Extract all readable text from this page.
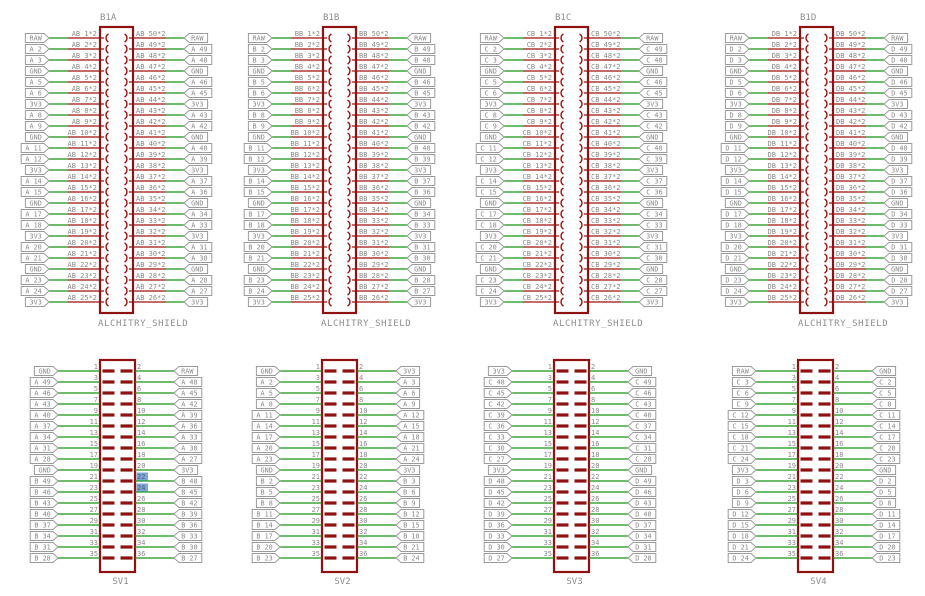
B1A
ALCHITRY_SHIELD
AB 1*2
RAW
AB 2*2
A 2
AB 3*2
A 3
AB 4*2
GND
AB 5*2
A 5
AB 6*2
A 6
AB 7*2
3V3
AB 8*2
A 8
AB 9*2
A 9
AB 10*2
GND
AB 11*2
A 11
AB 12*2
A 12
AB 13*2
3V3
AB 14*2
A 14
AB 15*2
A 15
AB 16*2
GND
AB 17*2
A 17
AB 18*2
A 18
AB 19*2
3V3
AB 20*2
A 20
AB 21*2
A 21
AB 22*2
GND
AB 23*2
A 23
AB 24*2
A 24
AB 25*2
3V3
AB 50*2
RAW
AB 49*2
A 49
AB 48*2
A 48
AB 47*2
GND
AB 46*2
A 46
AB 45*2
A 45
AB 44*2
3V3
AB 43*2
A 43
AB 42*2
A 42
AB 41*2
GND
AB 40*2
A 40
AB 39*2
A 39
AB 38*2
3V3
AB 37*2
A 37
AB 36*2
A 36
AB 35*2
GND
AB 34*2
A 34
AB 33*2
A 33
AB 32*2
3V3
AB 31*2
A 31
AB 30*2
A 30
AB 29*2
GND
AB 28*2
A 28
AB 27*2
A 27
AB 26*2
3V3
B1B
ALCHITRY_SHIELD
BB 1*2
RAW
BB 2*2
B 2
BB 3*2
B 3
BB 4*2
GND
BB 5*2
B 5
BB 6*2
B 6
BB 7*2
3V3
BB 8*2
B 8
BB 9*2
B 9
BB 10*2
GND
BB 11*2
B 11
BB 12*2
B 12
BB 13*2
3V3
BB 14*2
B 14
BB 15*2
B 15
BB 16*2
GND
BB 17*2
B 17
BB 18*2
B 18
BB 19*2
3V3
BB 20*2
B 20
BB 21*2
B 21
BB 22*2
GND
BB 23*2
B 23
BB 24*2
B 24
BB 25*2
3V3
BB 50*2
RAW
BB 49*2
B 49
BB 48*2
B 48
BB 47*2
GND
BB 46*2
B 46
BB 45*2
B 45
BB 44*2
3V3
BB 43*2
B 43
BB 42*2
B 42
BB 41*2
GND
BB 40*2
B 40
BB 39*2
B 39
BB 38*2
3V3
BB 37*2
B 37
BB 36*2
B 36
BB 35*2
GND
BB 34*2
B 34
BB 33*2
B 33
BB 32*2
3V3
BB 31*2
B 31
BB 30*2
B 30
BB 29*2
GND
BB 28*2
B 28
BB 27*2
B 27
BB 26*2
3V3
B1C
ALCHITRY_SHIELD
CB 1*2
RAW
CB 2*2
C 2
CB 3*2
C 3
CB 4*2
GND
CB 5*2
C 5
CB 6*2
C 6
CB 7*2
3V3
CB 8*2
C 8
CB 9*2
C 9
CB 10*2
GND
CB 11*2
C 11
CB 12*2
C 12
CB 13*2
3V3
CB 14*2
C 14
CB 15*2
C 15
CB 16*2
GND
CB 17*2
C 17
CB 18*2
C 18
CB 19*2
3V3
CB 20*2
C 20
CB 21*2
C 21
CB 22*2
GND
CB 23*2
C 23
CB 24*2
C 24
CB 25*2
3V3
CB 50*2
RAW
CB 49*2
C 49
CB 48*2
C 48
CB 47*2
GND
CB 46*2
C 46
CB 45*2
C 45
CB 44*2
3V3
CB 43*2
C 43
CB 42*2
C 42
CB 41*2
GND
CB 40*2
C 40
CB 39*2
C 39
CB 38*2
3V3
CB 37*2
C 37
CB 36*2
C 36
CB 35*2
GND
CB 34*2
C 34
CB 33*2
C 33
CB 32*2
3V3
CB 31*2
C 31
CB 30*2
C 30
CB 29*2
GND
CB 28*2
C 28
CB 27*2
C 27
CB 26*2
3V3
B1D
ALCHITRY_SHIELD
DB 1*2
RAW
DB 2*2
D 2
DB 3*2
D 3
DB 4*2
GND
DB 5*2
D 5
DB 6*2
D 6
DB 7*2
3V3
DB 8*2
D 8
DB 9*2
D 9
DB 10*2
GND
DB 11*2
D 11
DB 12*2
D 12
DB 13*2
3V3
DB 14*2
D 14
DB 15*2
D 15
DB 16*2
GND
DB 17*2
D 17
DB 18*2
D 18
DB 19*2
3V3
DB 20*2
D 20
DB 21*2
D 21
DB 22*2
GND
DB 23*2
D 23
DB 24*2
D 24
DB 25*2
3V3
DB 50*2
RAW
DB 49*2
D 49
DB 48*2
D 48
DB 47*2
GND
DB 46*2
D 46
DB 45*2
D 45
DB 44*2
3V3
DB 43*2
D 43
DB 42*2
D 42
DB 41*2
GND
DB 40*2
D 40
DB 39*2
D 39
DB 38*2
3V3
DB 37*2
D 37
DB 36*2
D 36
DB 35*2
GND
DB 34*2
D 34
DB 33*2
D 33
DB 32*2
3V3
DB 31*2
D 31
DB 30*2
D 30
DB 29*2
GND
DB 28*2
D 28
DB 27*2
D 27
DB 26*2
3V3
1
GND
3
A 49
5
A 46
7
A 43
9
A 40
11
A 37
13
A 34
15
A 31
17
A 28
19
GND
21
B 49
23
B 46
25
B 43
27
B 40
29
B 37
31
B 34
33
B 31
35
B 28
2
RAW
4
A 48
6
A 45
8
A 42
10
A 39
12
A 36
14
A 33
16
A 30
18
A 27
20
3V3
22
B 48
24
B 45
26
B 42
28
B 39
30
B 36
32
B 33
34
B 30
36
B 27
SV1
1
GND
3
A 2
5
A 5
7
A 8
9
A 11
11
A 14
13
A 17
15
A 20
17
A 23
19
GND
21
B 2
23
B 5
25
B 8
27
B 11
29
B 14
31
B 17
33
B 20
35
B 23
2
3V3
4
A 3
6
A 6
8
A 9
10
A 12
12
A 15
14
A 18
16
A 21
18
A 24
20
3V3
22
B 3
24
B 6
26
B 9
28
B 12
30
B 15
32
B 18
34
B 21
36
B 24
SV2
1
3V3
3
C 48
5
C 45
7
C 42
9
C 39
11
C 36
13
C 33
15
C 30
17
C 27
19
3V3
21
D 48
23
D 45
25
D 42
27
D 39
29
D 36
31
D 33
33
D 30
35
D 27
2
GND
4
C 49
6
C 46
8
C 43
10
C 40
12
C 37
14
C 34
16
C 31
18
C 28
20
GND
22
D 49
24
D 46
26
D 43
28
D 40
30
D 37
32
D 34
34
D 31
36
D 28
SV3
1
RAW
3
C 3
5
C 6
7
C 9
9
C 12
11
C 15
13
C 18
15
C 21
17
C 24
19
3V3
21
D 3
23
D 6
25
D 9
27
D 12
29
D 15
31
D 18
33
D 21
35
D 24
2
GND
4
C 2
6
C 5
8
C 8
10
C 11
12
C 14
14
C 17
16
C 20
18
C 23
20
GND
22
D 2
24
D 5
26
D 8
28
D 11
30
D 14
32
D 17
34
D 20
36
D 23
SV4
